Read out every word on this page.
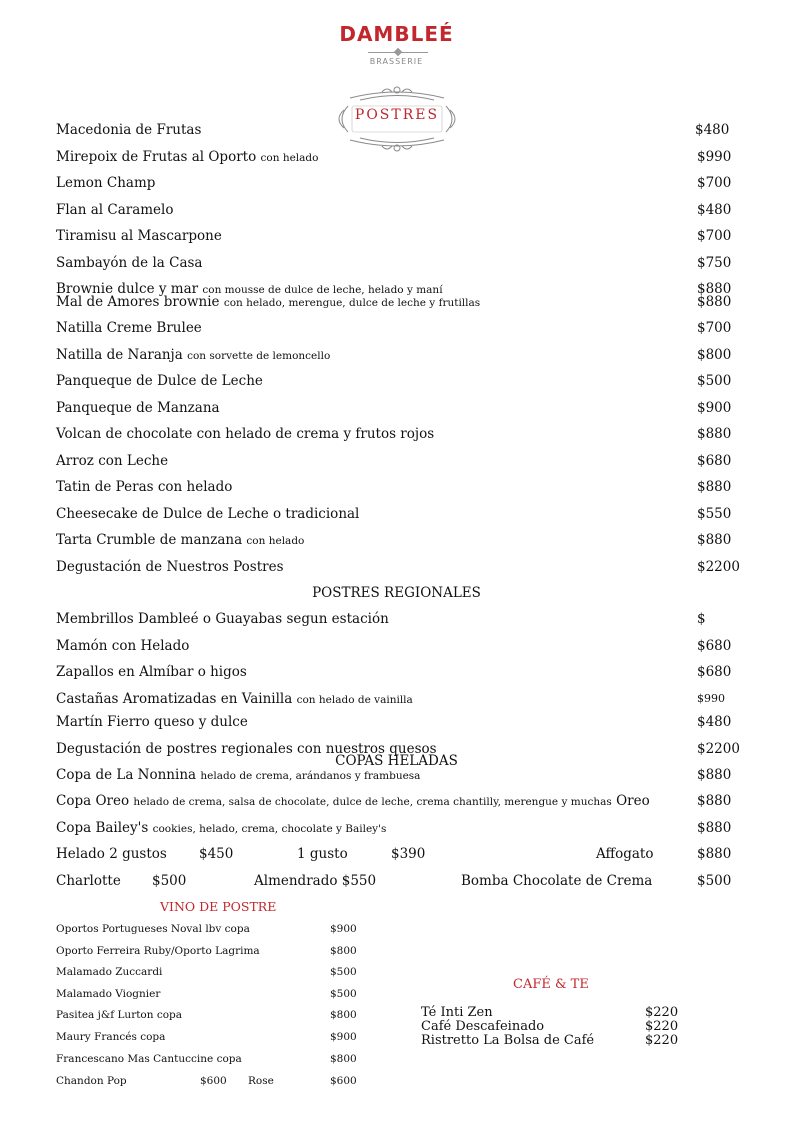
DAMBLEÉ
BRASSERIE
POSTRES
Macedonia de Frutas	$480
Mirepoix de Frutas al Oporto con helado	$990
Lemon Champ	$700
Flan al Caramelo	$480
Tiramisu al Mascarpone	$700
Sambayón de la Casa	$750
Brownie dulce y mar con mousse de dulce de leche, helado y maní	$880
Mal de Amores brownie con helado, merengue, dulce de leche y frutillas	$880
Natilla Creme Brulee	$700
Natilla de Naranja con sorvette de lemoncello	$800
Panqueque de Dulce de Leche	$500
Panqueque de Manzana	$900
Volcan de chocolate con helado de crema y frutos rojos	$880
Arroz con Leche	$680
Tatin de Peras con helado	$880
Cheesecake de Dulce de Leche o tradicional	$550
Tarta Crumble de manzana con helado	$880
Degustación de Nuestros Postres	$2200
POSTRES REGIONALES
Membrillos Dambleé o Guayabas segun estación	$
Mamón con Helado	$680
Zapallos en Almíbar o higos	$680
Castañas Aromatizadas en Vainilla con helado de vainilla	$990
Martín Fierro queso y dulce	$480
Degustación de postres regionales con nuestros quesos	$2200
COPAS HELADAS
Copa de La Nonnina helado de crema, arándanos y frambuesa	$880
Copa Oreo helado de crema, salsa de chocolate, dulce de leche, crema chantilly, merengue y muchas Oreo	$880
Copa Bailey's cookies, helado, crema, chocolate y Bailey's	$880
Helado 2 gustos $450	1 gusto	$390	Affogato	$880
Charlotte $500	Almendrado $550	Bomba Chocolate de Crema	$500
VINO DE POSTRE
Oportos Portugueses Noval lbv copa	$900
Oporto Ferreira Ruby/Oporto Lagrima	$800
Malamado Zuccardi	$500
Malamado Viognier	$500
Pasitea j&f Lurton copa	$800
Maury Francés copa	$900
Francescano Mas Cantuccine copa	$800
Chandon Pop	$600 Rose	$600
CAFÉ & TE
Té Inti Zen	$220
Café Descafeinado	$220
Ristretto La Bolsa de Café	$220
